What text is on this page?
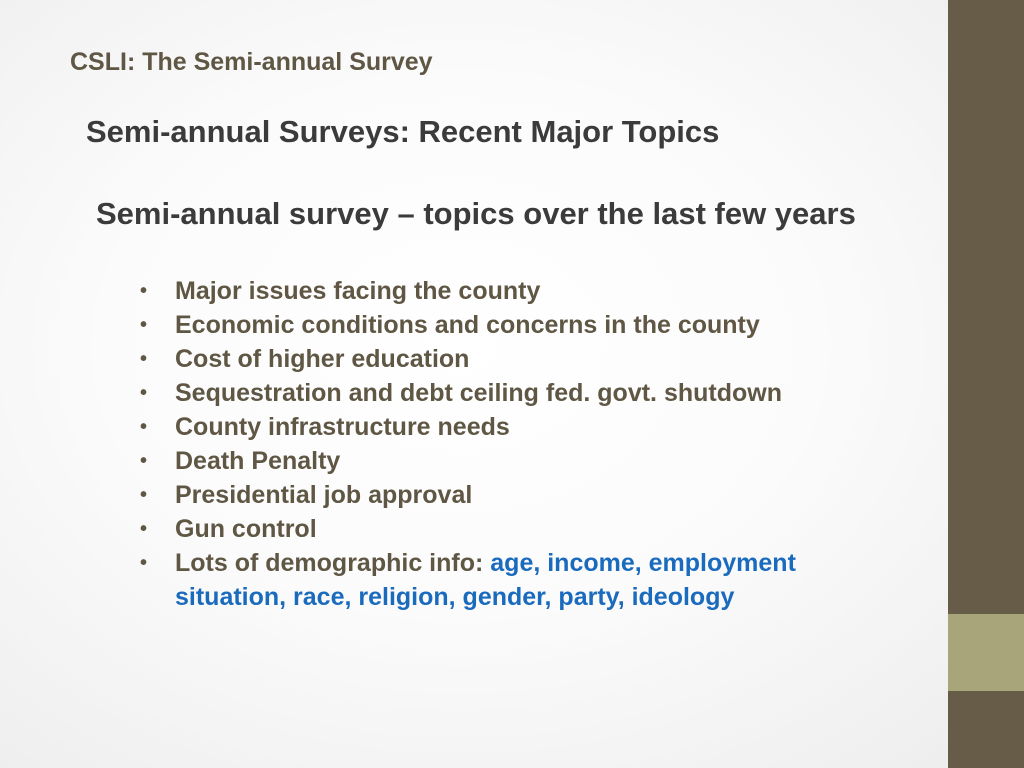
CSLI: The Semi-annual Survey
Semi-annual Surveys: Recent Major Topics
Semi-annual survey – topics over the last few years
• Major issues facing the county
• Economic conditions and concerns in the county
• Cost of higher education
• Sequestration and debt ceiling fed. govt. shutdown
• County infrastructure needs
• Death Penalty
• Presidential job approval
• Gun control
• Lots of demographic info: age, income, employment situation, race, religion, gender, party, ideology
